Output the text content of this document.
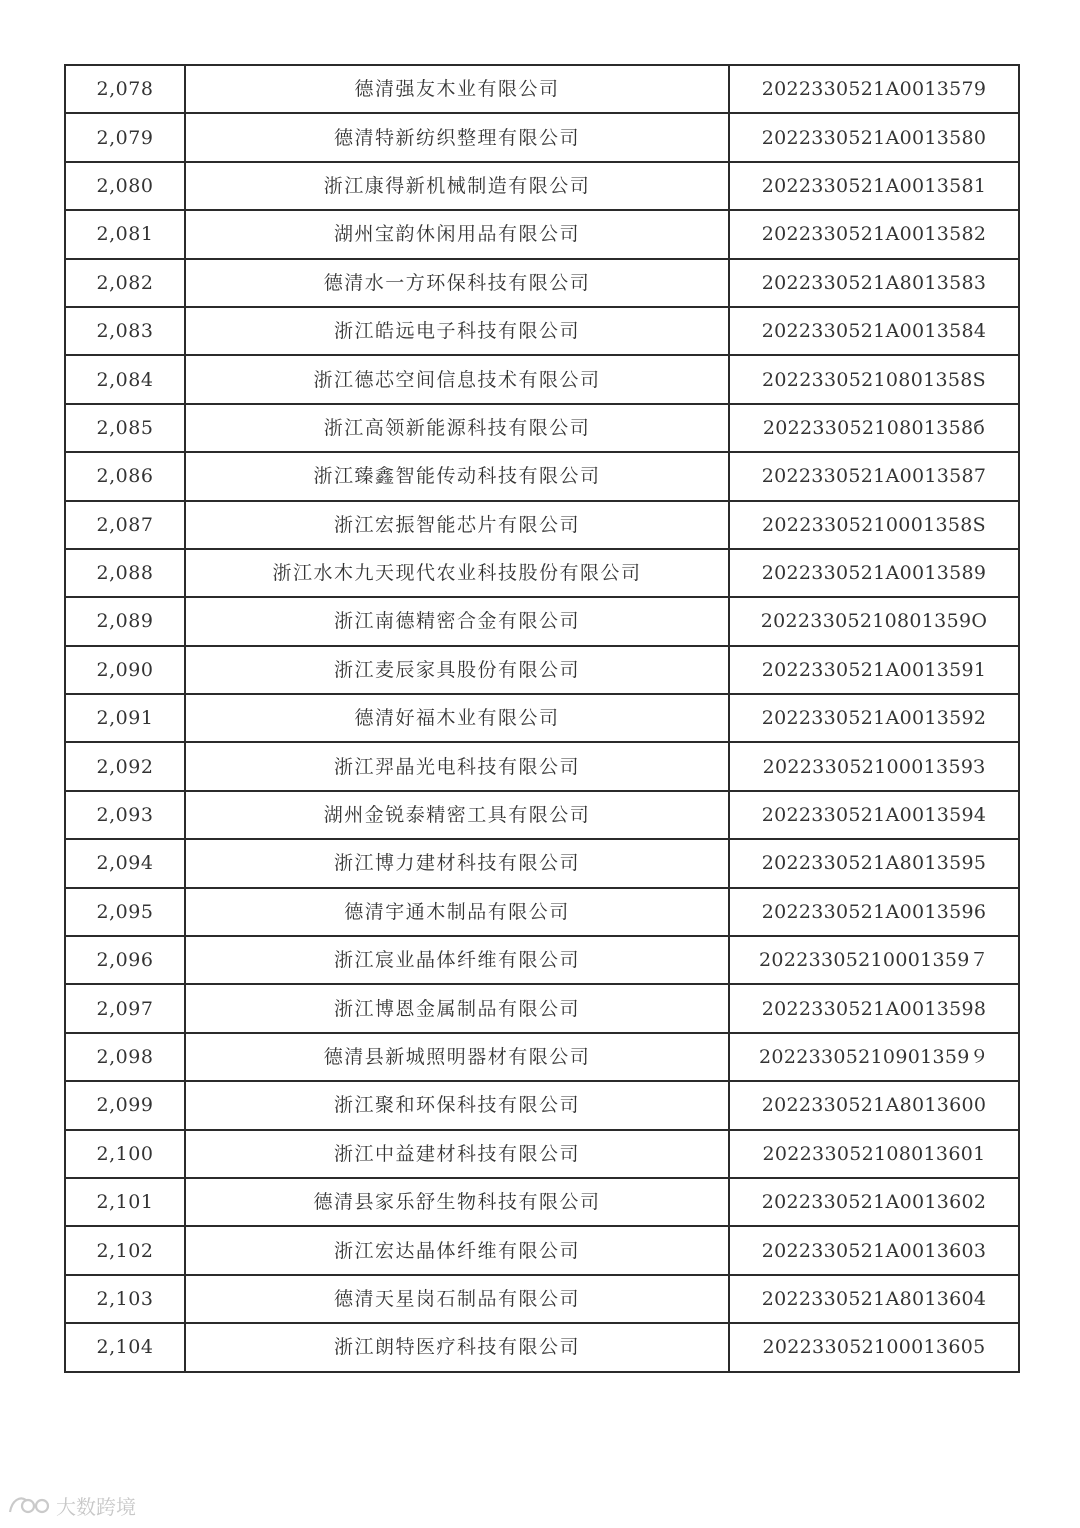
2,078	德清强友木业有限公司	2022330521A0013579
2,079	德清特新纺织整理有限公司	2022330521A0013580
2,080	浙江康得新机械制造有限公司	2022330521A0013581
2,081	湖州宝韵休闲用品有限公司	2022330521A0013582
2,082	德清水一方环保科技有限公司	2022330521A8013583
2,083	浙江皓远电子科技有限公司	2022330521A0013584
2,084	浙江德芯空间信息技术有限公司	20223305210801358S
2,085	浙江高领新能源科技有限公司	20223305210801358б
2,086	浙江臻鑫智能传动科技有限公司	2022330521A0013587
2,087	浙江宏振智能芯片有限公司	20223305210001358S
2,088	浙江水木九天现代农业科技股份有限公司	2022330521A0013589
2,089	浙江南德精密合金有限公司	20223305210801359O
2,090	浙江麦辰家具股份有限公司	2022330521A0013591
2,091	德清好福木业有限公司	2022330521A0013592
2,092	浙江羿晶光电科技有限公司	20223305210001359З
2,093	湖州金锐泰精密工具有限公司	2022330521A0013594
2,094	浙江博力建材科技有限公司	2022330521A8013595
2,095	德清宇通木制品有限公司	2022330521A0013596
2,096	浙江宸业晶体纤维有限公司	20223305210001359７
2,097	浙江博恩金属制品有限公司	2022330521A0013598
2,098	德清县新城照明器材有限公司	20223305210901359９
2,099	浙江聚和环保科技有限公司	2022330521A8013600
2,100	浙江中益建材科技有限公司	202233052108013601
2,101	德清县家乐舒生物科技有限公司	2022330521A0013602
2,102	浙江宏达晶体纤维有限公司	2022330521A0013603
2,103	德清天星岗石制品有限公司	2022330521A8013604
2,104	浙江朗特医疗科技有限公司	202233052100013605
大数跨境
